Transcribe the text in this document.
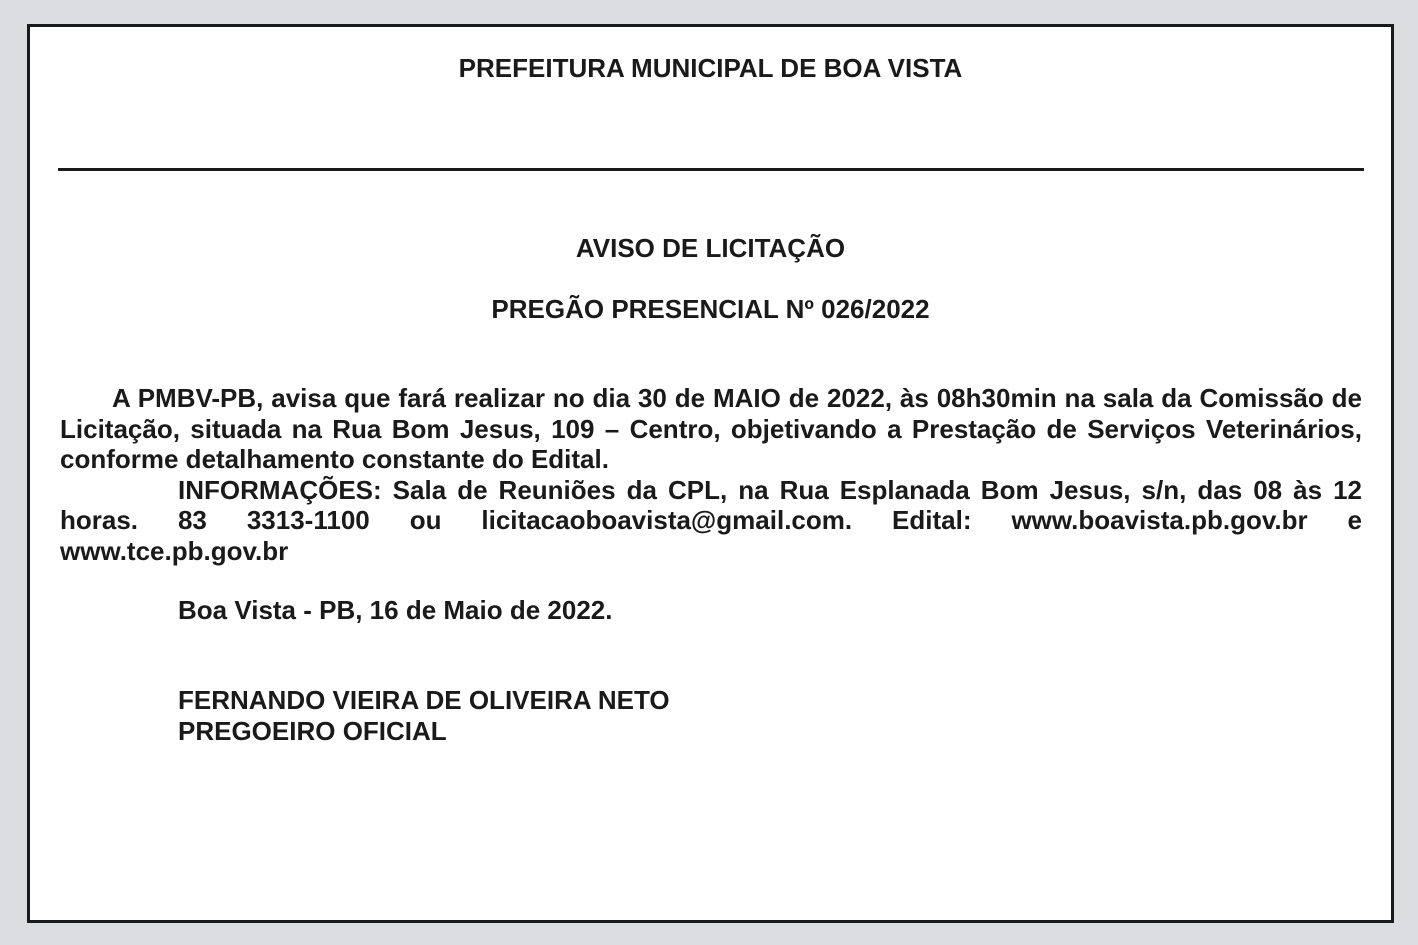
PREFEITURA MUNICIPAL DE BOA VISTA
AVISO DE LICITAÇÃO
PREGÃO PRESENCIAL Nº 026/2022

A PMBV-PB, avisa que fará realizar no dia 30 de MAIO de 2022, às 08h30min na sala da Comissão de Licitação, situada na Rua Bom Jesus, 109 – Centro, objetivando a Prestação de Serviços Veterinários, conforme detalhamento constante do Edital.

INFORMAÇÕES: Sala de Reuniões da CPL, na Rua Esplanada Bom Jesus, s/n, das 08 às 12 horas. 83 3313-1100 ou licitacaoboavista@gmail.com. Edital: www.boavista.pb.gov.br e www.tce.pb.gov.br

Boa Vista - PB, 16 de Maio de 2022.
FERNANDO VIEIRA DE OLIVEIRA NETO
PREGOEIRO OFICIAL
